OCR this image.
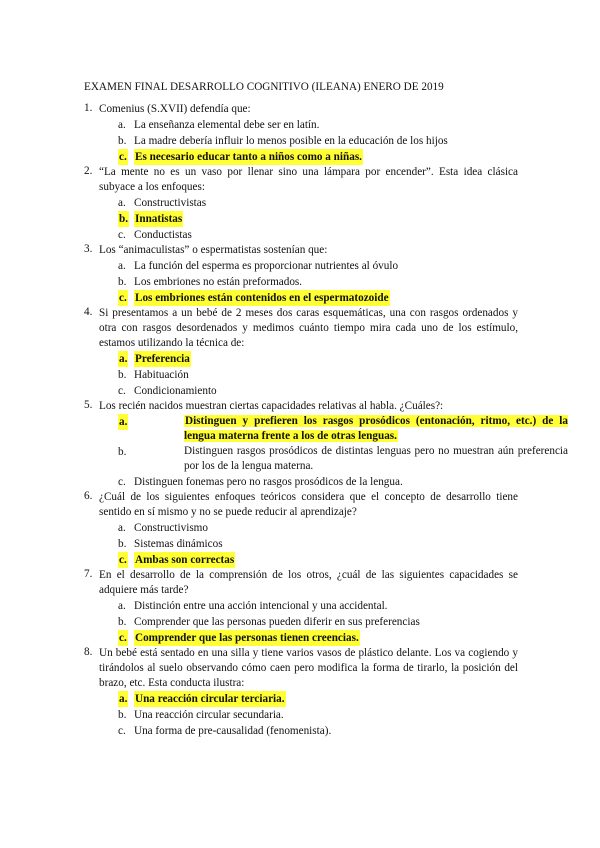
EXAMEN FINAL DESARROLLO COGNITIVO (ILEANA) ENERO DE 2019
1. Comenius (S.XVII) defendía que:
a. La enseñanza elemental debe ser en latín.
b. La madre debería influir lo menos posible en la educación de los hijos
c. Es necesario educar tanto a niños como a niñas.
2. “La mente no es un vaso por llenar sino una lámpara por encender”. Esta idea clásica subyace a los enfoques:
a. Constructivistas
b. Innatistas
c. Conductistas
3. Los “animaculistas” o espermatistas sostenían que:
a. La función del esperma es proporcionar nutrientes al óvulo
b. Los embriones no están preformados.
c. Los embriones están contenidos en el espermatozoide
4. Si presentamos a un bebé de 2 meses dos caras esquemáticas, una con rasgos ordenados y otra con rasgos desordenados y medimos cuánto tiempo mira cada uno de los estímulo, estamos utilizando la técnica de:
a. Preferencia
b. Habituación
c. Condicionamiento
5. Los recién nacidos muestran ciertas capacidades relativas al habla. ¿Cuáles?:
a.	Distinguen y prefieren los rasgos prosódicos (entonación, ritmo, etc.) de la lengua materna frente a los de otras lenguas.
b.	Distinguen rasgos prosódicos de distintas lenguas pero no muestran aún preferencia por los de la lengua materna.
c. Distinguen fonemas pero no rasgos prosódicos de la lengua.
6. ¿Cuál de los siguientes enfoques teóricos considera que el concepto de desarrollo tiene sentido en sí mismo y no se puede reducir al aprendizaje?
a. Constructivismo
b. Sistemas dinámicos
c. Ambas son correctas
7. En el desarrollo de la comprensión de los otros, ¿cuál de las siguientes capacidades se adquiere más tarde?
a. Distinción entre una acción intencional y una accidental.
b. Comprender que las personas pueden diferir en sus preferencias
c. Comprender que las personas tienen creencias.
8. Un bebé está sentado en una silla y tiene varios vasos de plástico delante. Los va cogiendo y tirándolos al suelo observando cómo caen pero modifica la forma de tirarlo, la posición del brazo, etc. Esta conducta ilustra:
a. Una reacción circular terciaria.
b. Una reacción circular secundaria.
c. Una forma de pre-causalidad (fenomenista).
